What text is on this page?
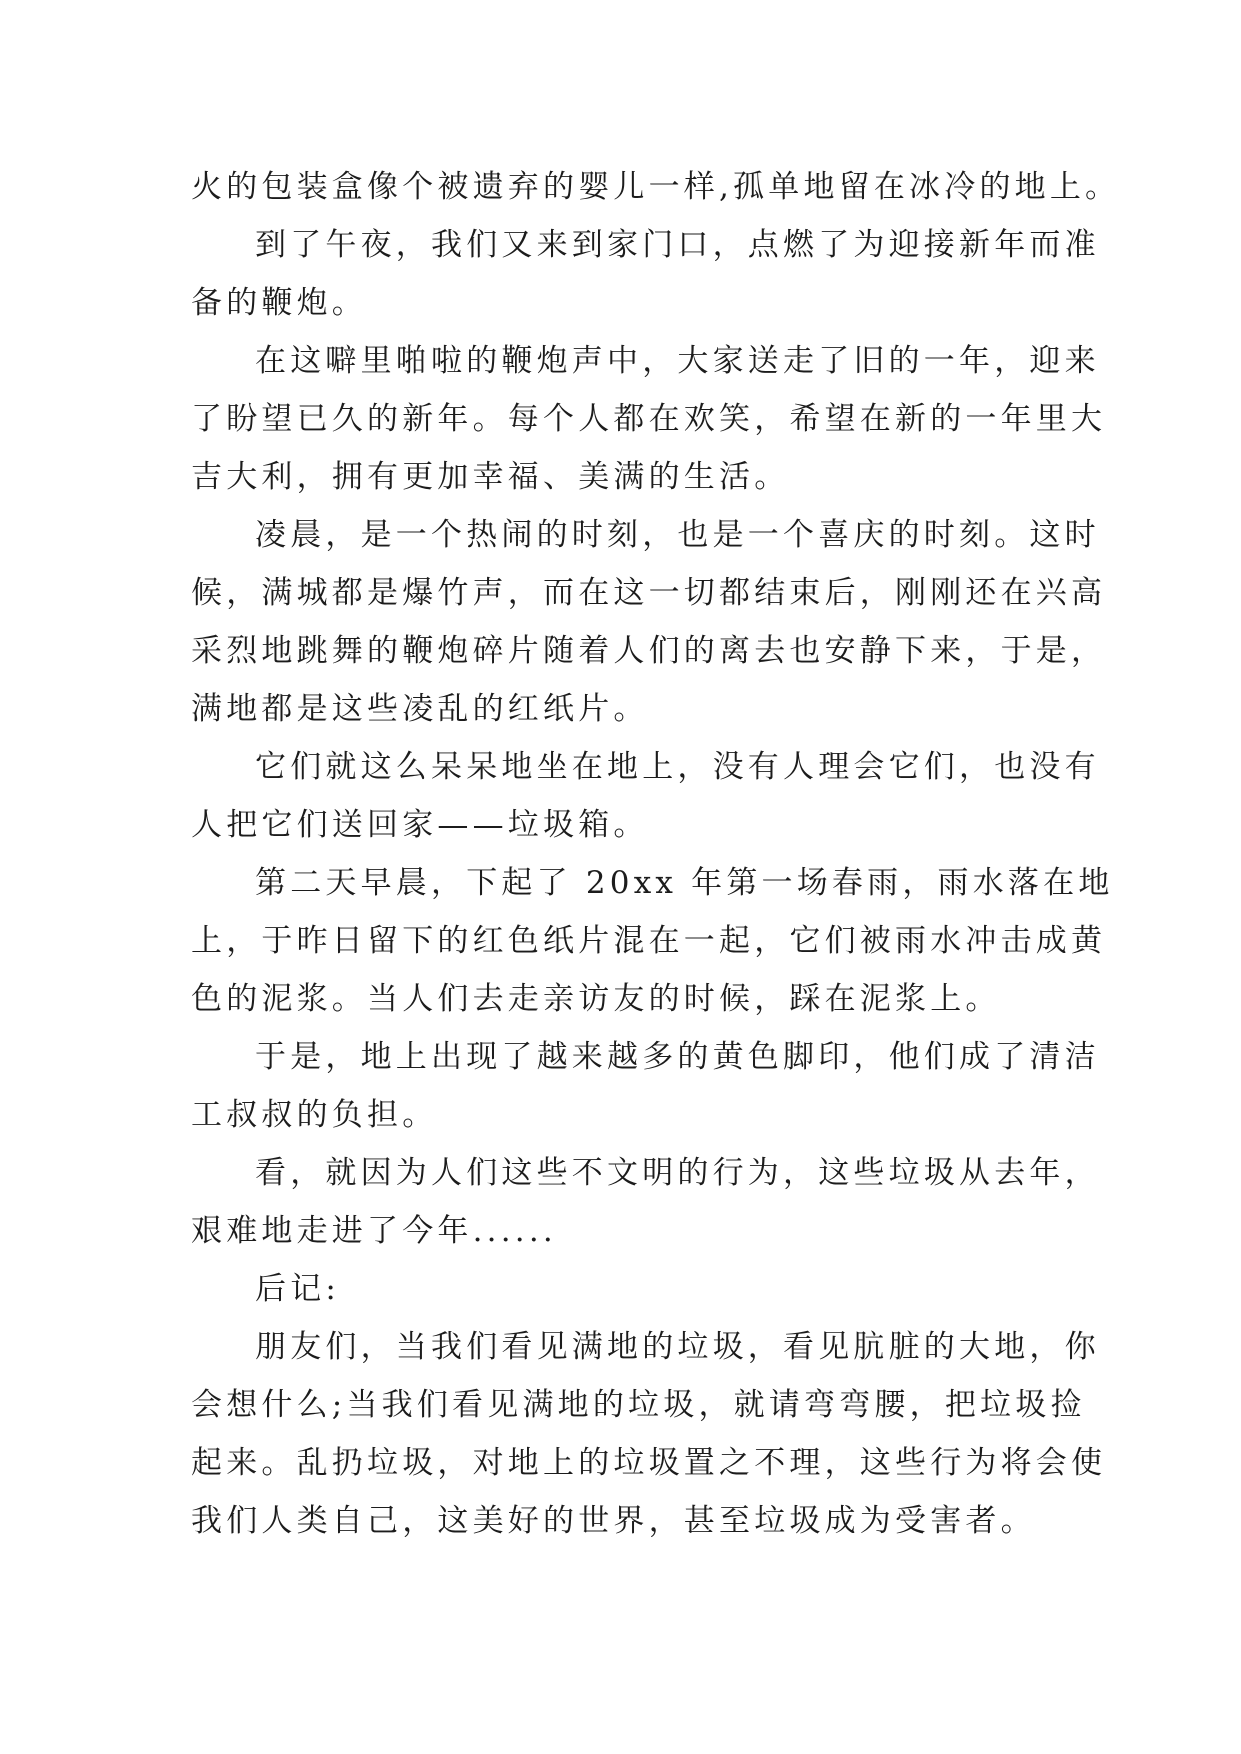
火的包装盒像个被遗弃的婴儿一样,孤单地留在冰冷的地上。
到了午夜，我们又来到家门口，点燃了为迎接新年而准
备的鞭炮。
在这噼里啪啦的鞭炮声中，大家送走了旧的一年，迎来
了盼望已久的新年。每个人都在欢笑，希望在新的一年里大
吉大利，拥有更加幸福、美满的生活。
凌晨，是一个热闹的时刻，也是一个喜庆的时刻。这时
候，满城都是爆竹声，而在这一切都结束后，刚刚还在兴高
采烈地跳舞的鞭炮碎片随着人们的离去也安静下来，于是，
满地都是这些凌乱的红纸片。
它们就这么呆呆地坐在地上，没有人理会它们，也没有
人把它们送回家——垃圾箱。
第二天早晨，下起了 20xx 年第一场春雨，雨水落在地
上，于昨日留下的红色纸片混在一起，它们被雨水冲击成黄
色的泥浆。当人们去走亲访友的时候，踩在泥浆上。
于是，地上出现了越来越多的黄色脚印，他们成了清洁
工叔叔的负担。
看，就因为人们这些不文明的行为，这些垃圾从去年，
艰难地走进了今年......
后记:
朋友们，当我们看见满地的垃圾，看见肮脏的大地，你
会想什么;当我们看见满地的垃圾，就请弯弯腰，把垃圾捡
起来。乱扔垃圾，对地上的垃圾置之不理，这些行为将会使
我们人类自己，这美好的世界，甚至垃圾成为受害者。
